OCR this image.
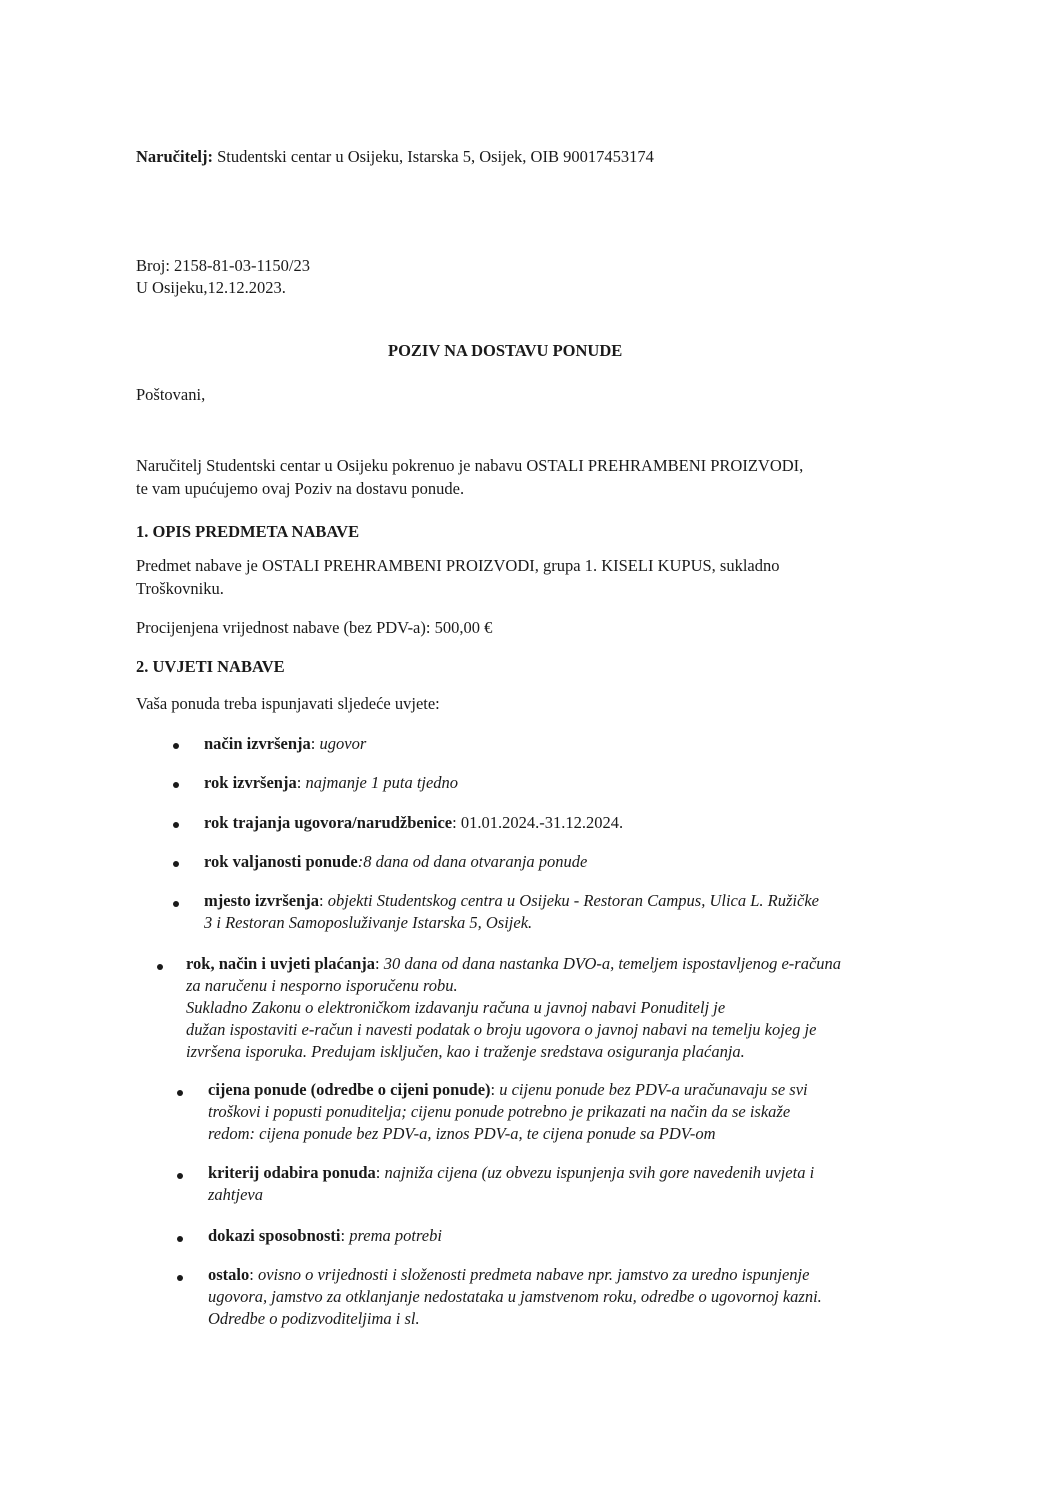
Naručitelj: Studentski centar u Osijeku, Istarska 5, Osijek, OIB 90017453174
Broj: 2158-81-03-1150/23
U Osijeku,12.12.2023.
POZIV NA DOSTAVU PONUDE
Poštovani,
Naručitelj Studentski centar u Osijeku pokrenuo je nabavu OSTALI PREHRAMBENI PROIZVODI,
te vam upućujemo ovaj Poziv na dostavu ponude.
1. OPIS PREDMETA NABAVE
Predmet nabave je OSTALI PREHRAMBENI PROIZVODI, grupa 1. KISELI KUPUS, sukladno
Troškovniku.
Procijenjena vrijednost nabave (bez PDV-a): 500,00 €
2. UVJETI NABAVE
Vaša ponuda treba ispunjavati sljedeće uvjete:
način izvršenja: ugovor
rok izvršenja: najmanje 1 puta tjedno
rok trajanja ugovora/narudžbenice: 01.01.2024.-31.12.2024.
rok valjanosti ponude:8 dana od dana otvaranja ponude
mjesto izvršenja: objekti Studentskog centra u Osijeku - Restoran Campus, Ulica L. Ružičke
3 i Restoran Samoposluživanje Istarska 5, Osijek.
rok, način i uvjeti plaćanja: 30 dana od dana nastanka DVO-a, temeljem ispostavljenog e-računa
za naručenu i nesporno isporučenu robu.
Sukladno Zakonu o elektroničkom izdavanju računa u javnoj nabavi Ponuditelj je
dužan ispostaviti e-račun i navesti podatak o broju ugovora o javnoj nabavi na temelju kojeg je
izvršena isporuka. Predujam isključen, kao i traženje sredstava osiguranja plaćanja.
cijena ponude (odredbe o cijeni ponude): u cijenu ponude bez PDV-a uračunavaju se svi
troškovi i popusti ponuditelja; cijenu ponude potrebno je prikazati na način da se iskaže
redom: cijena ponude bez PDV-a, iznos PDV-a, te cijena ponude sa PDV-om
kriterij odabira ponuda: najniža cijena (uz obvezu ispunjenja svih gore navedenih uvjeta i
zahtjeva
dokazi sposobnosti: prema potrebi
ostalo: ovisno o vrijednosti i složenosti predmeta nabave npr. jamstvo za uredno ispunjenje
ugovora, jamstvo za otklanjanje nedostataka u jamstvenom roku, odredbe o ugovornoj kazni.
Odredbe o podizvoditeljima i sl.
